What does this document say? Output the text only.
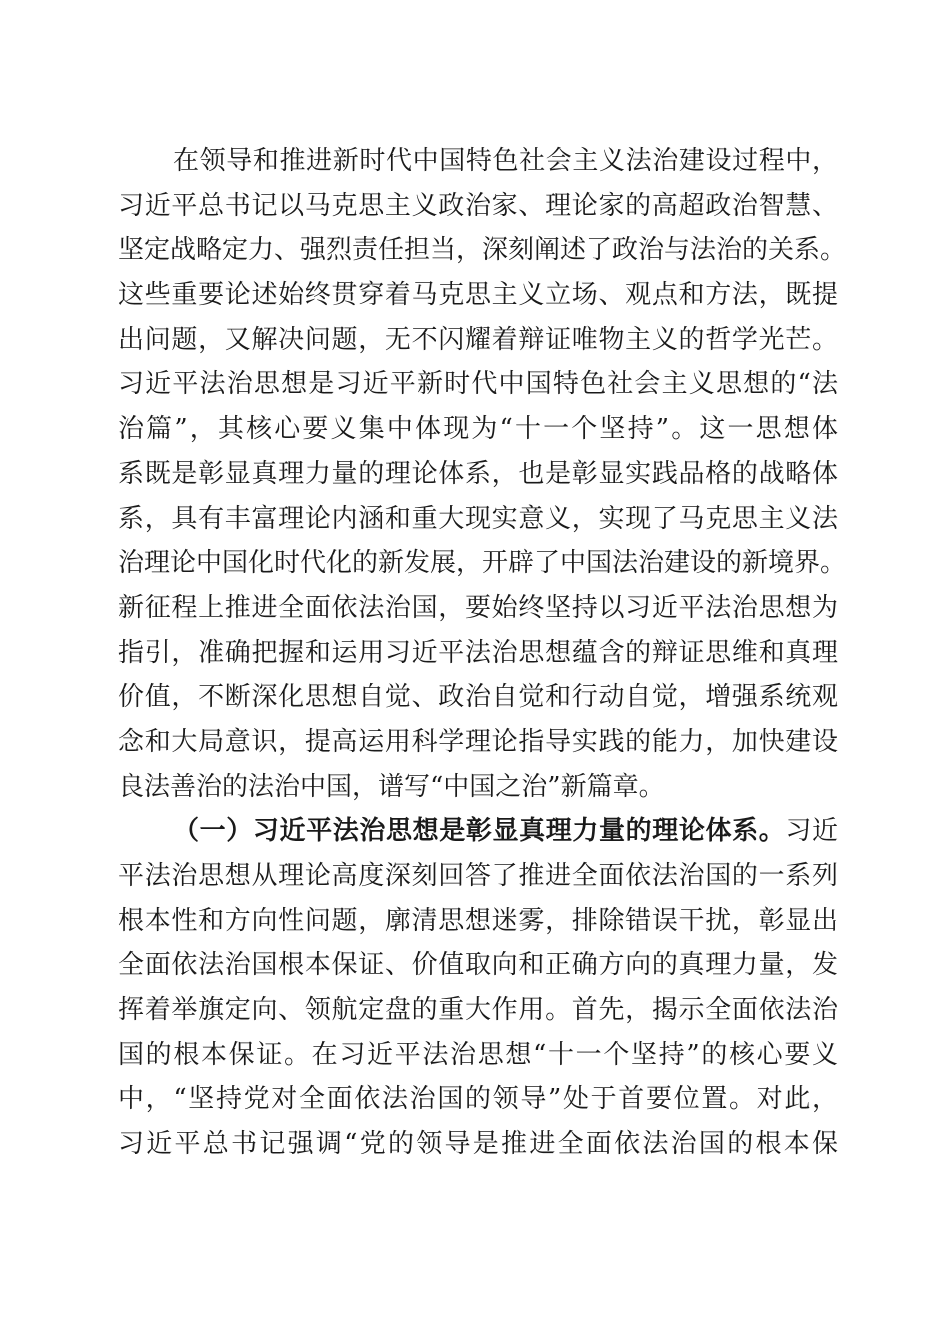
在领导和推进新时代中国特色社会主义法治建设过程中，
习近平总书记以马克思主义政治家、理论家的高超政治智慧、
坚定战略定力、强烈责任担当，深刻阐述了政治与法治的关系。
这些重要论述始终贯穿着马克思主义立场、观点和方法，既提
出问题，又解决问题，无不闪耀着辩证唯物主义的哲学光芒。
习近平法治思想是习近平新时代中国特色社会主义思想的“法
治篇”，其核心要义集中体现为“十一个坚持”。这一思想体
系既是彰显真理力量的理论体系，也是彰显实践品格的战略体
系，具有丰富理论内涵和重大现实意义，实现了马克思主义法
治理论中国化时代化的新发展，开辟了中国法治建设的新境界。
新征程上推进全面依法治国，要始终坚持以习近平法治思想为
指引，准确把握和运用习近平法治思想蕴含的辩证思维和真理
价值，不断深化思想自觉、政治自觉和行动自觉，增强系统观
念和大局意识，提高运用科学理论指导实践的能力，加快建设
良法善治的法治中国，谱写“中国之治”新篇章。
（一）习近平法治思想是彰显真理力量的理论体系。习近
平法治思想从理论高度深刻回答了推进全面依法治国的一系列
根本性和方向性问题，廓清思想迷雾，排除错误干扰，彰显出
全面依法治国根本保证、价值取向和正确方向的真理力量，发
挥着举旗定向、领航定盘的重大作用。首先，揭示全面依法治
国的根本保证。在习近平法治思想“十一个坚持”的核心要义
中，“坚持党对全面依法治国的领导”处于首要位置。对此，
习近平总书记强调“党的领导是推进全面依法治国的根本保
